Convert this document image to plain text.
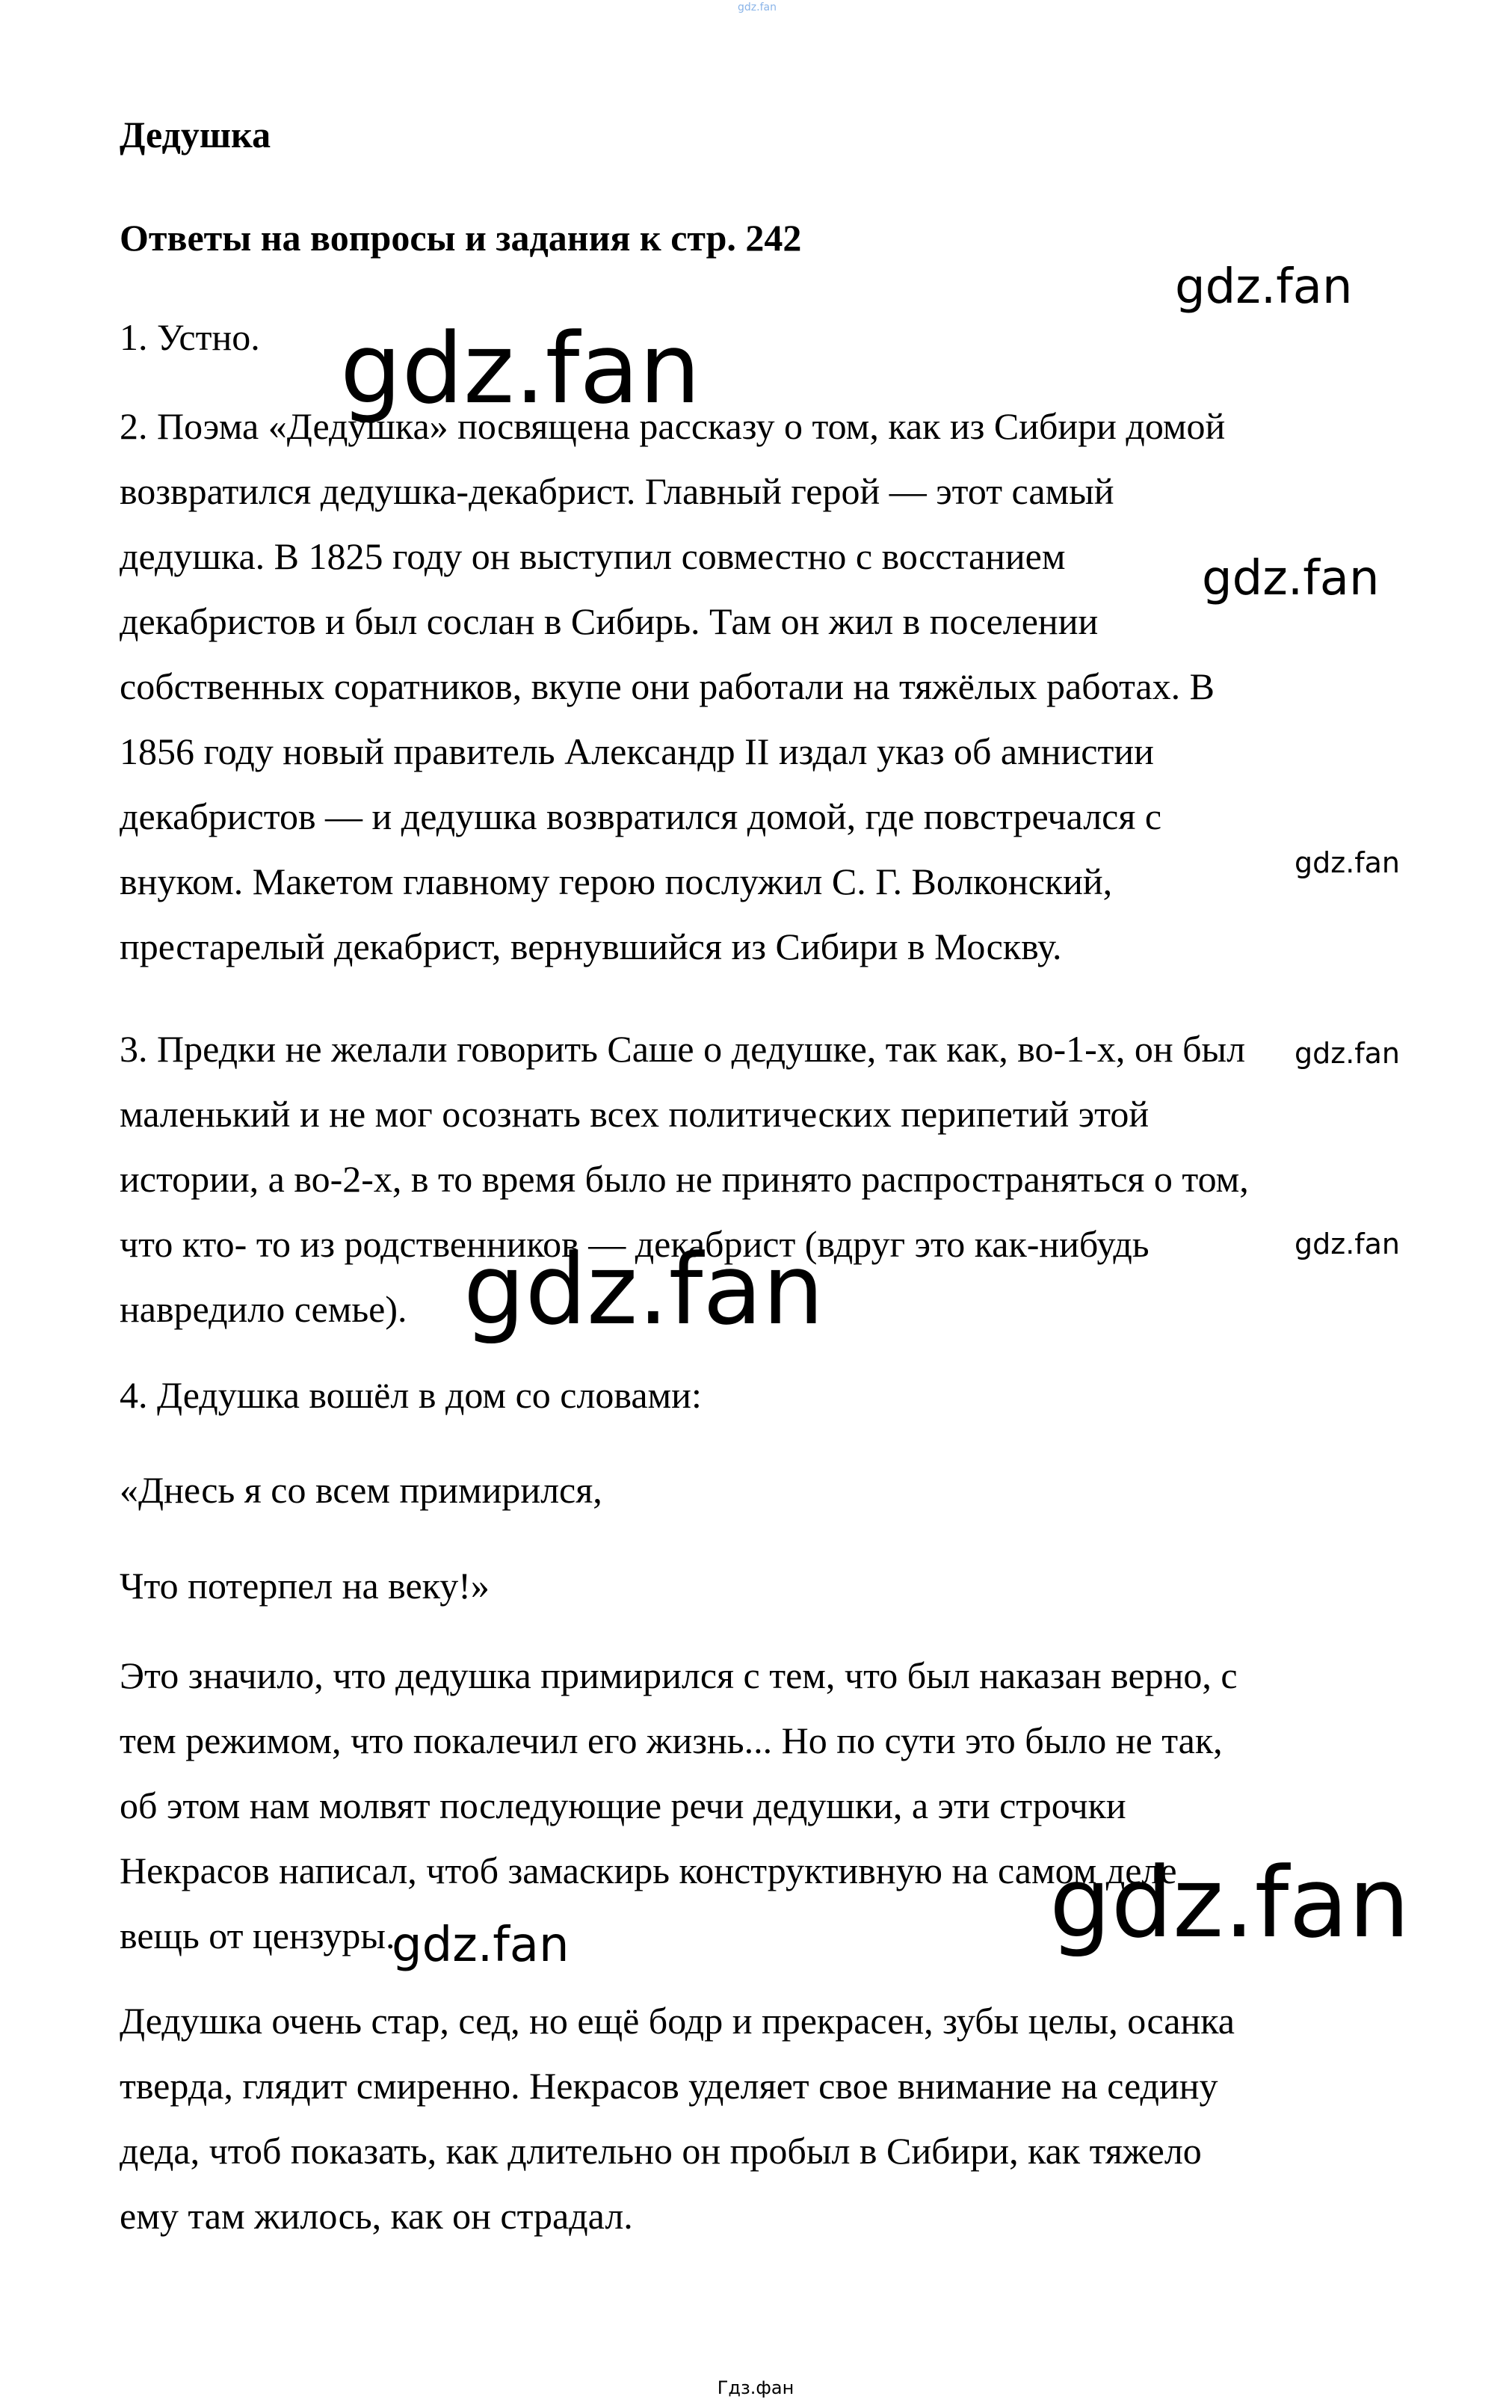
gdz.fan
Дедушка
Ответы на вопросы и задания к стр. 242
1. Устно.
2. Поэма «Дедушка» посвящена рассказу о том, как из Сибири домой
возвратился дедушка-декабрист. Главный герой — этот самый
дедушка. В 1825 году он выступил совместно с восстанием
декабристов и был сослан в Сибирь. Там он жил в поселении
собственных соратников, вкупе они работали на тяжёлых работах. В
1856 году новый правитель Александр II издал указ об амнистии
декабристов — и дедушка возвратился домой, где повстречался с
внуком. Макетом главному герою послужил С. Г. Волконский,
престарелый декабрист, вернувшийся из Сибири в Москву.
3. Предки не желали говорить Саше о дедушке, так как, во-1-х, он был
маленький и не мог осознать всех политических перипетий этой
истории, а во-2-х, в то время было не принято распространяться о том,
что кто- то из родственников — декабрист (вдруг это как-нибудь
навредило семье).
4. Дедушка вошёл в дом со словами:
«Днесь я со всем примирился,
Что потерпел на веку!»
Это значило, что дедушка примирился с тем, что был наказан верно, с
тем режимом, что покалечил его жизнь... Но по сути это было не так,
об этом нам молвят последующие речи дедушки, а эти строчки
Некрасов написал, чтоб замаскирь конструктивную на самом деле
вещь от цензуры.
Дедушка очень стар, сед, но ещё бодр и прекрасен, зубы целы, осанка
тверда, глядит смиренно. Некрасов уделяет свое внимание на седину
деда, чтоб показать, как длительно он пробыл в Сибири, как тяжело
ему там жилось, как он страдал.
gdz.fan
gdz.fan
gdz.fan
gdz.fan
gdz.fan
gdz.fan
gdz.fan
gdz.fan
gdz.fan
Гдз.фан
